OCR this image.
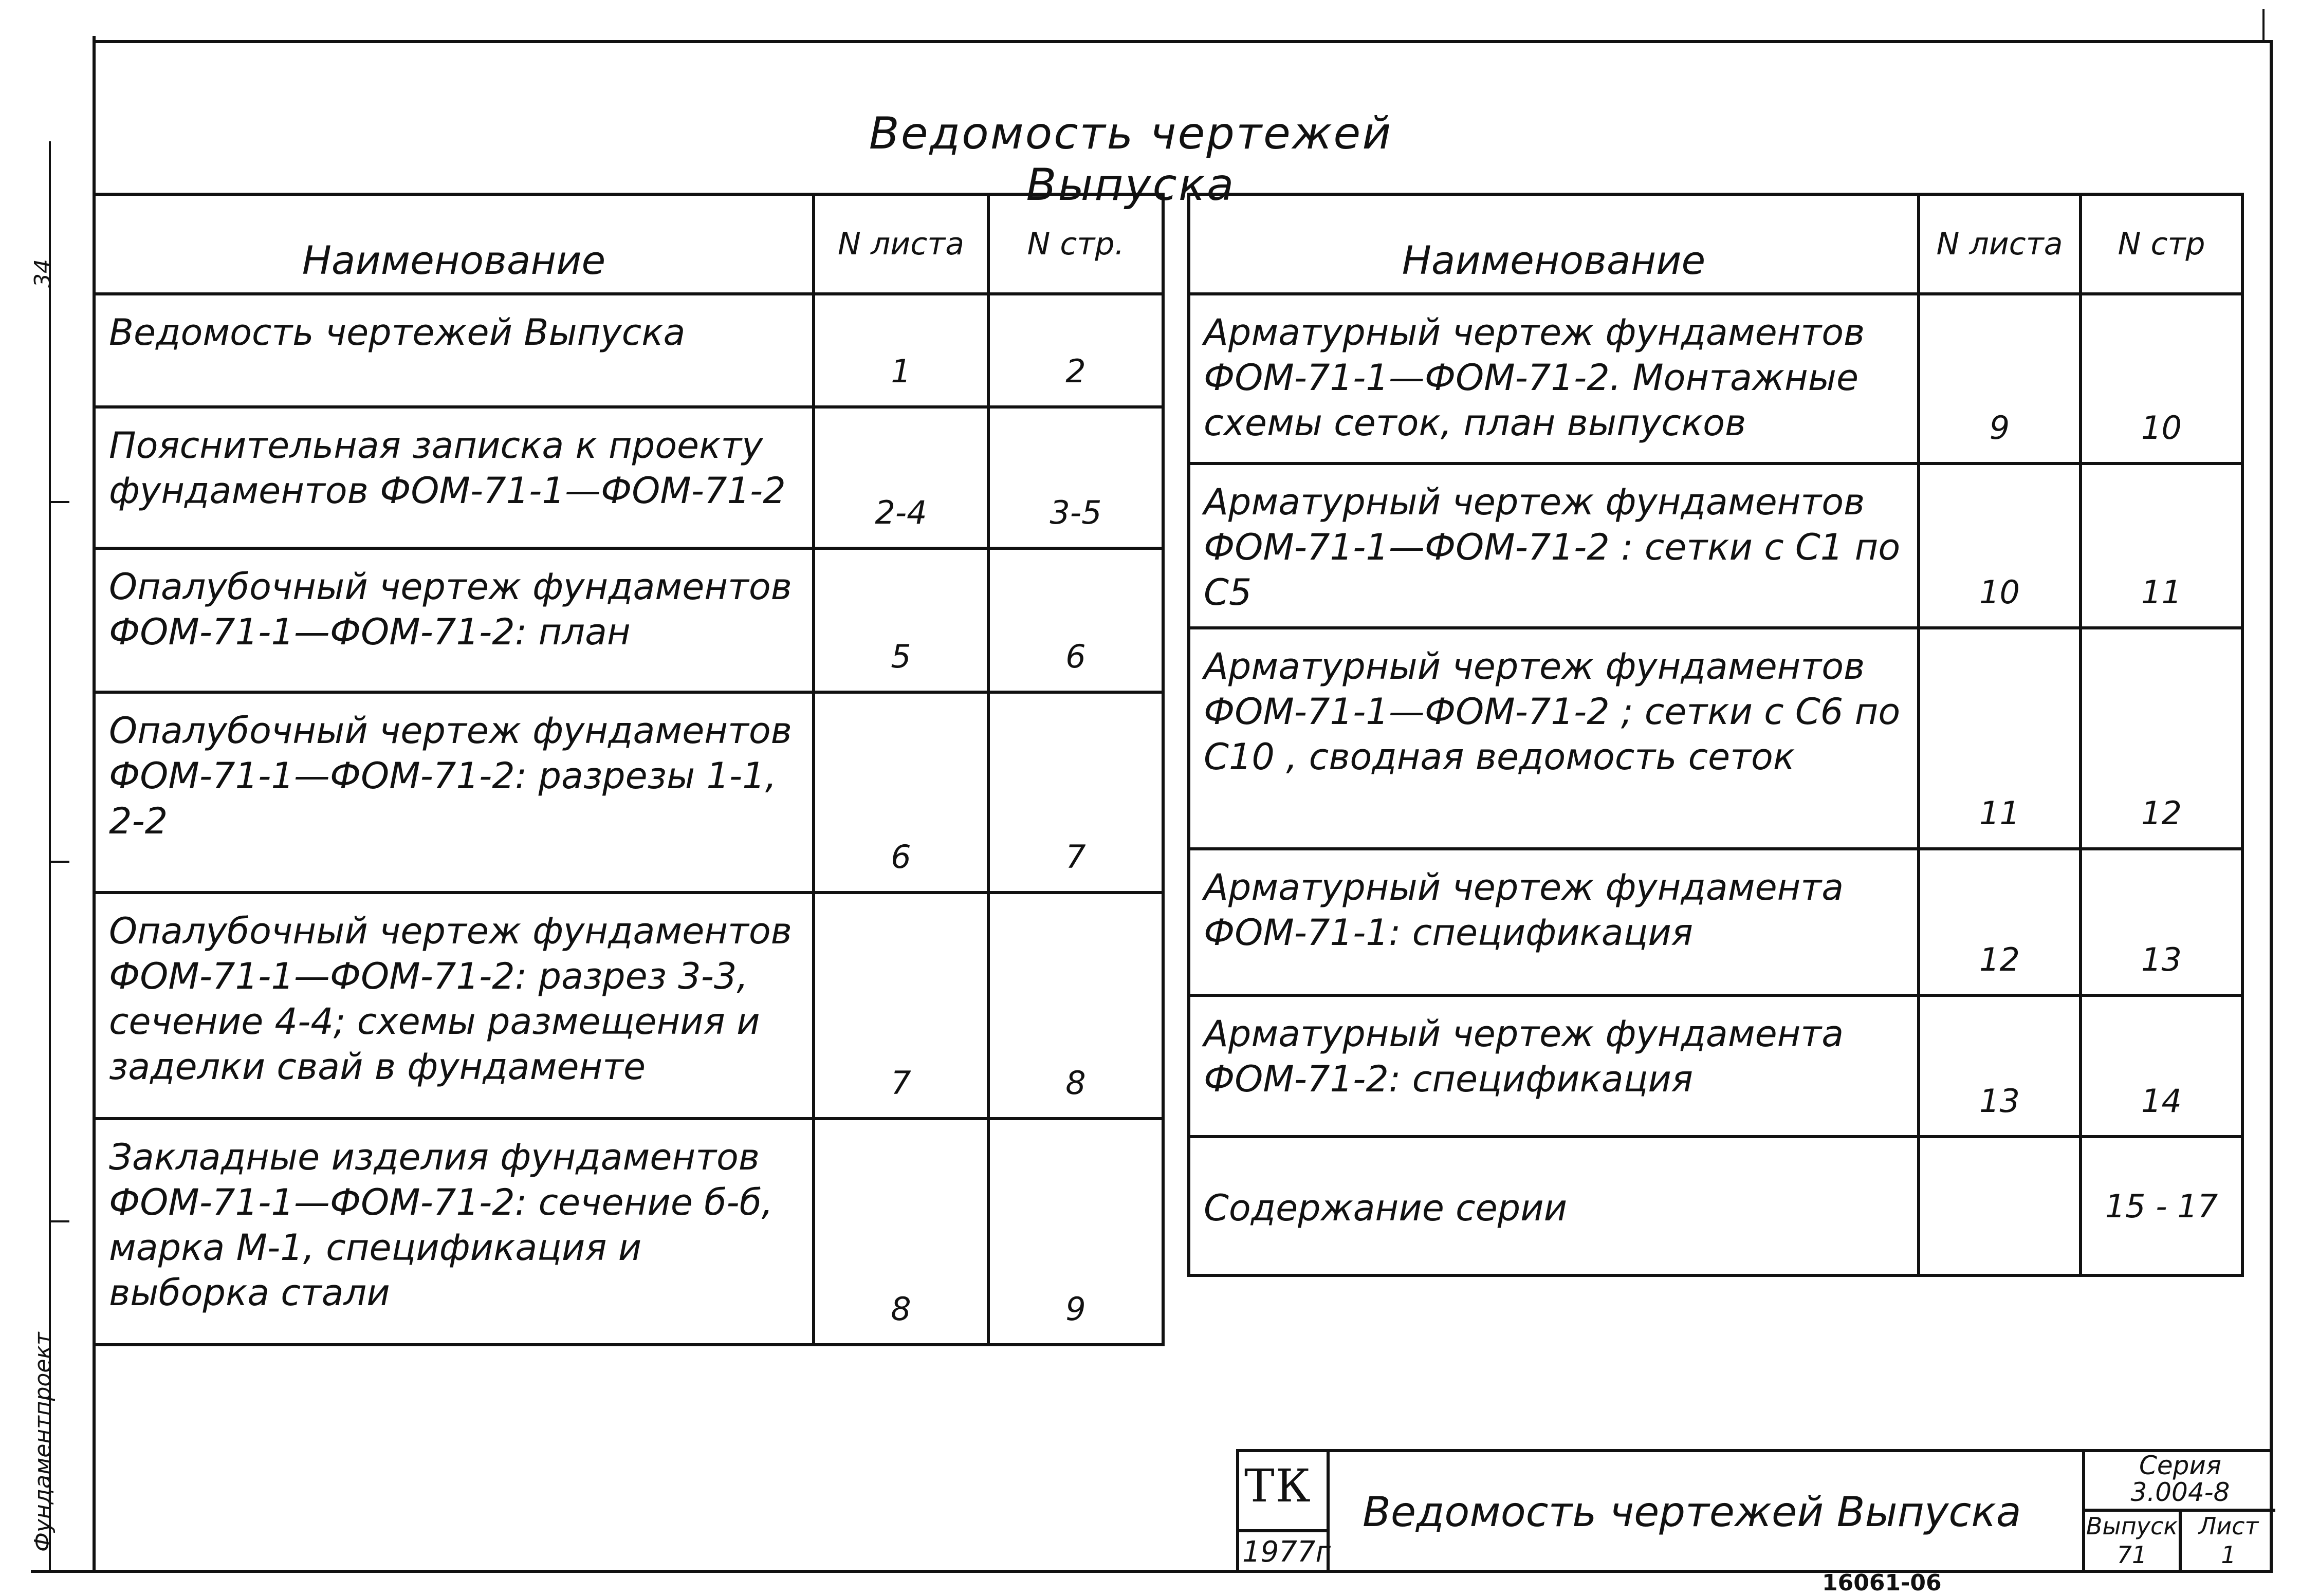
Фундаментпроект
34
Ведомость чертежей Выпуска
Наименование	N листа	N стр.
Ведомость чертежей Выпуска	1	2
Пояснительная записка к проекту фундаментов ФОМ-71-1—ФОМ-71-2	2-4	3-5
Опалубочный чертеж фундаментов ФОМ-71-1—ФОМ-71-2: план	5	6
Опалубочный чертеж фундаментов ФОМ-71-1—ФОМ-71-2: разрезы 1-1, 2-2	6	7
Опалубочный чертеж фундаментов ФОМ-71-1—ФОМ-71-2: разрез 3-3, сечение 4-4; схемы размещения и заделки свай в фундаменте	7	8
Закладные изделия фундаментов ФОМ-71-1—ФОМ-71-2: сечение б-б, марка М-1, спецификация и выборка стали	8	9
Наименование	N листа	N стр
Арматурный чертеж фундаментов ФОМ-71-1—ФОМ-71-2. Монтажные схемы сеток, план выпусков	9	10
Арматурный чертеж фундаментов ФОМ-71-1—ФОМ-71-2 : сетки с С1 по С5	10	11
Арматурный чертеж фундаментов ФОМ-71-1—ФОМ-71-2 ; сетки с С6 по С10 , сводная ведомость сеток	11	12
Арматурный чертеж фундамента ФОМ-71-1: спецификация	12	13
Арматурный чертеж фундамента ФОМ-71-2: спецификация	13	14
Содержание серии		15 - 17
ТК
1977г
Ведомость чертежей Выпуска
Серия
3.004-8
Выпуск
71
Лист
1
16061-06
